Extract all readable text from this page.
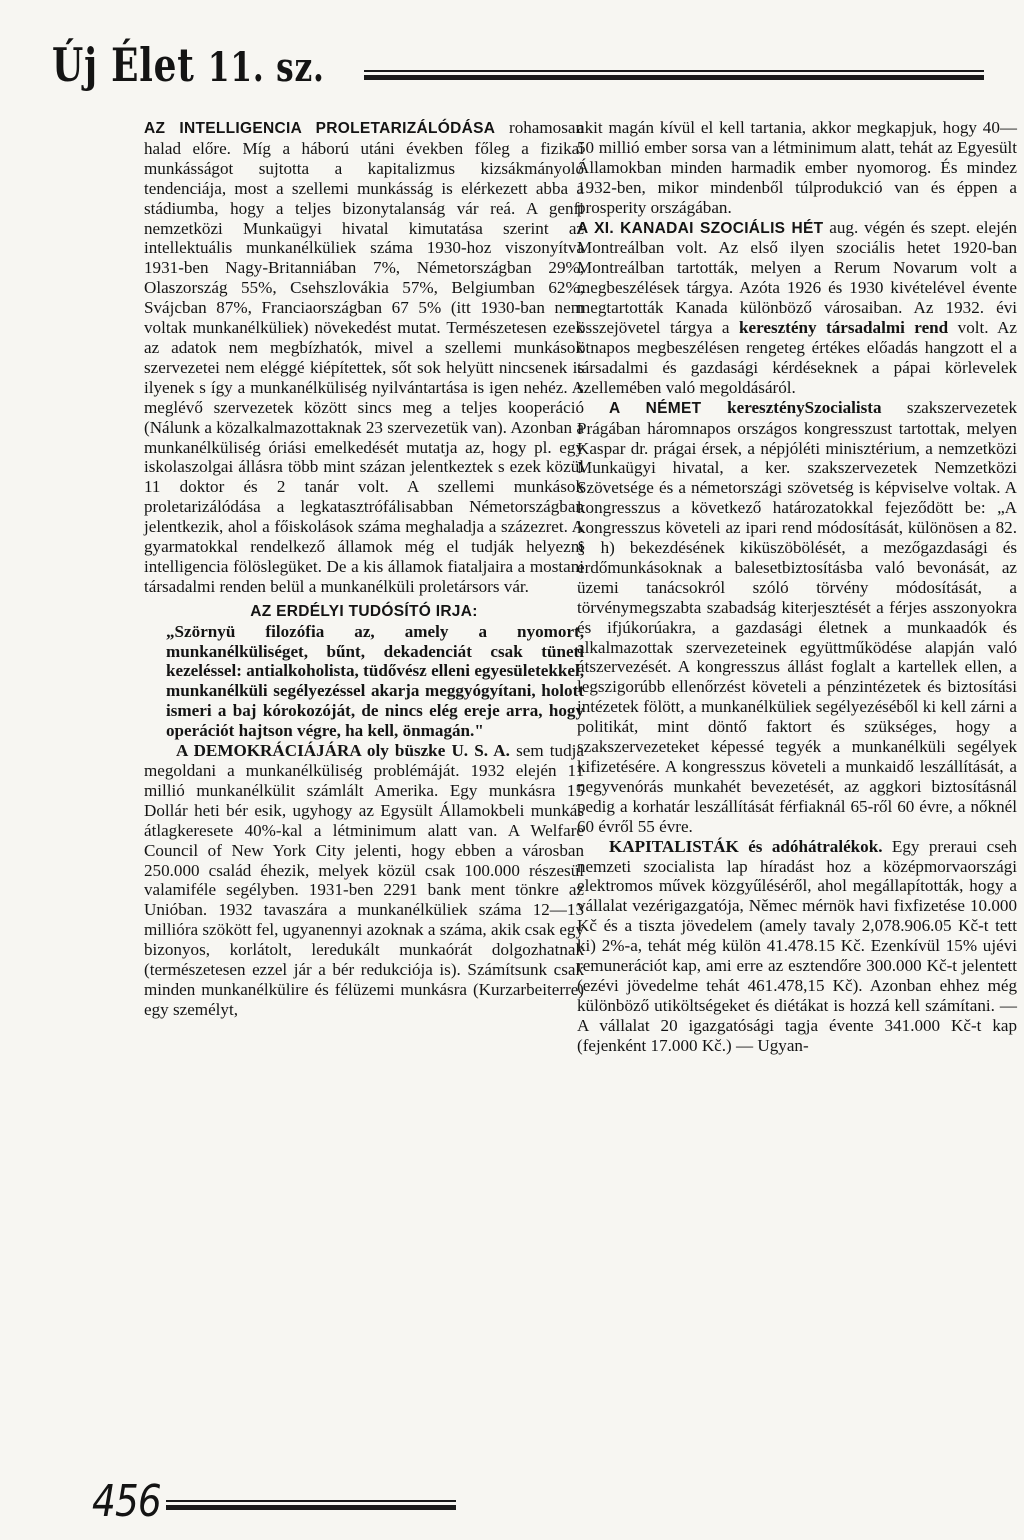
Új Élet 11. sz.

AZ INTELLIGENCIA PROLETARIZÁLÓDÁSA rohamosan halad előre. Míg a háború utáni években főleg a fizikai munkásságot sujtotta a kapitalizmus kizsákmányoló tendenciája, most a szellemi munkásság is elérkezett abba a stádiumba, hogy a teljes bizonytalanság vár reá. A genfi nemzetközi Munkaügyi hivatal kimutatása szerint az intellektuális munkanélküliek száma 1930-hoz viszonyítva 1931-ben Nagy-Britanniában 7%, Németországban 29%, Olaszország 55%, Csehszlovákia 57%, Belgiumban 62%, Svájcban 87%, Franciaországban 67 5% (itt 1930-ban nem voltak munkanélküliek) növekedést mutat. Természetesen ezek az adatok nem megbízhatók, mivel a szellemi munkások szervezetei nem eléggé kiépítettek, sőt sok helyütt nincsenek is ilyenek s így a munkanélküliség nyilvántartása is igen nehéz. A meglévő szervezetek között sincs meg a teljes kooperáció (Nálunk a közalkalmazottaknak 23 szervezetük van). Azonban a munkanélküliség óriási emelkedését mutatja az, hogy pl. egy iskolaszolgai állásra több mint százan jelentkeztek s ezek közül 11 doktor és 2 tanár volt. A szellemi munkások proletarizálódása a legkatasztrófálisabban Németországban jelentkezik, ahol a főiskolások száma meghaladja a százezret. A gyarmatokkal rendelkező államok még el tudják helyezni intelligencia fölöslegüket. De a kis államok fiataljaira a mostani társadalmi renden belül a munkanélküli proletársors vár.

AZ ERDÉLYI TUDÓSÍTÓ IRJA:

„Szörnyü filozófia az, amely a nyomort, munkanélküliséget, bűnt, dekadenciát csak tüneti kezeléssel: antialkoholista, tüdővész elleni egyesületekkel, munkanélküli segélyezéssel akarja meggyógyítani, holott ismeri a baj kórokozóját, de nincs elég ereje arra, hogy operációt hajtson végre, ha kell, önmagán."

A DEMOKRÁCIÁJÁRA oly büszke U. S. A. sem tudja megoldani a munkanélküliség problémáját. 1932 elején 11 millió munkanélkülit számlált Amerika. Egy munkásra 15 Dollár heti bér esik, ugyhogy az Egysült Államokbeli munkás átlagkeresete 40%-kal a létminimum alatt van. A Welfare Council of New York City jelenti, hogy ebben a városban 250.000 család éhezik, melyek közül csak 100.000 részesül valamiféle segélyben. 1931-ben 2291 bank ment tönkre az Unióban. 1932 tavaszára a munkanélküliek száma 12—13 millióra szökött fel, ugyanennyi azoknak a száma, akik csak egy bizonyos, korlátolt, leredukált munkaórát dolgozhatnak (természetesen ezzel jár a bér redukciója is). Számítsunk csak minden munkanélkülire és félüzemi munkásra (Kurzarbeiterre) egy személyt,

akit magán kívül el kell tartania, akkor megkapjuk, hogy 40—50 millió ember sorsa van a létminimum alatt, tehát az Egyesült Államokban minden harmadik ember nyomorog. És mindez 1932-ben, mikor mindenből túlprodukció van és éppen a prosperity országában.

A XI. KANADAI SZOCIÁLIS HÉT aug. végén és szept. elején Montreálban volt. Az első ilyen szociális hetet 1920-ban Montreálban tartották, melyen a Rerum Novarum volt a megbeszélések tárgya. Azóta 1926 és 1930 kivételével évente megtartották Kanada különböző városaiban. Az 1932. évi összejövetel tárgya a keresztény társadalmi rend volt. Az ötnapos megbeszélésen rengeteg értékes előadás hangzott el a társadalmi és gazdasági kérdéseknek a pápai körlevelek szellemében való megoldásáról.

A NÉMET kereszténySzocialista szakszervezetek Prágában háromnapos országos kongresszust tartottak, melyen Kaspar dr. prágai érsek, a népjóléti minisztérium, a nemzetközi Munkaügyi hivatal, a ker. szakszervezetek Nemzetközi Szövetsége és a németországi szövetség is képviselve voltak. A kongresszus a következő határozatokkal fejeződött be: „A kongresszus követeli az ipari rend módosítását, különösen a 82. § h) bekezdésének kiküszöbölését, a mezőgazdasági és erdőmunkásoknak a balesetbiztosításba való bevonását, az üzemi tanácsokról szóló törvény módosítását, a törvénymegszabta szabadság kiterjesztését a férjes asszonyokra és ifjúkorúakra, a gazdasági életnek a munkaadók és alkalmazottak szervezeteinek együttműködése alapján való átszervezését. A kongresszus állást foglalt a kartellek ellen, a legszigorúbb ellenőrzést követeli a pénzintézetek és biztosítási intézetek fölött, a munkanélküliek segélyezéséből ki kell zárni a politikát, mint döntő faktort és szükséges, hogy a szakszervezeteket képessé tegyék a munkanélküli segélyek kifizetésére. A kongresszus követeli a munkaidő leszállítását, a negyvenórás munkahét bevezetését, az aggkori biztosításnál pedig a korhatár leszállítását férfiaknál 65-ről 60 évre, a nőknél 60 évről 55 évre.

KAPITALISTÁK és adóhátralékok. Egy preraui cseh nemzeti szocialista lap híradást hoz a középmorvaországi elektromos művek közgyűléséről, ahol megállapították, hogy a vállalat vezérigazgatója, Němec mérnök havi fixfizetése 10.000 Kč és a tiszta jövedelem (amely tavaly 2,078.906.05 Kč-t tett ki) 2%-a, tehát még külön 41.478.15 Kč. Ezenkívül 15% ujévi remunerációt kap, ami erre az esztendőre 300.000 Kč-t jelentett (ezévi jövedelme tehát 461.478,15 Kč). Azonban ehhez még különböző utiköltségeket és diétákat is hozzá kell számítani. — A vállalat 20 igazgatósági tagja évente 341.000 Kč-t kap (fejenként 17.000 Kč.) — Ugyan-

456
